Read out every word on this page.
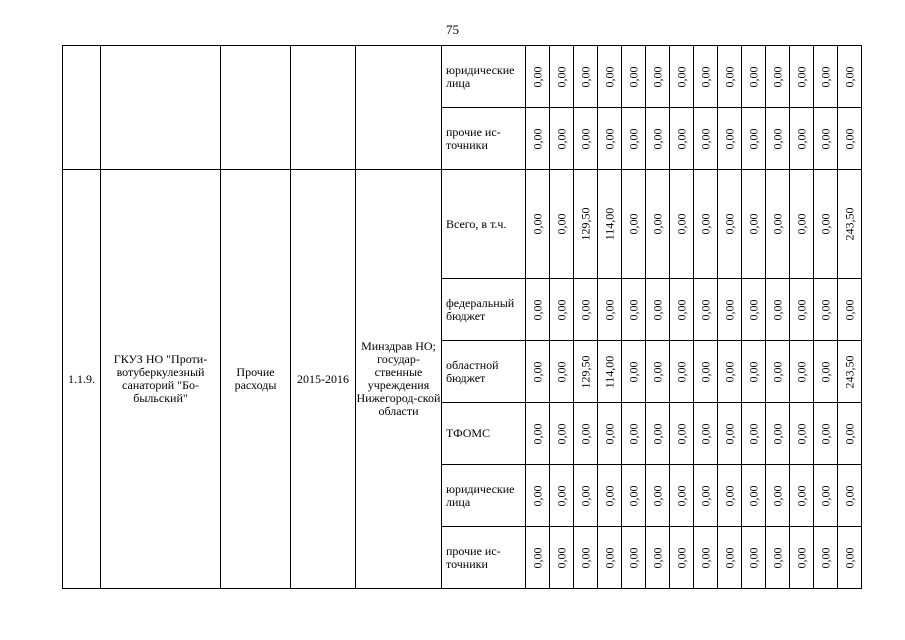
75
					юридические лица	0,00	0,00	0,00	0,00	0,00	0,00	0,00	0,00	0,00	0,00	0,00	0,00	0,00	0,00

					прочие ис-точники	0,00	0,00	0,00	0,00	0,00	0,00	0,00	0,00	0,00	0,00	0,00	0,00	0,00	0,00

1.1.9.	ГКУЗ НО "Проти-вотуберкулезный санаторий "Бо-быльский"	Прочие расходы	2015-2016	Минздрав НО; государ-ственные учреждения Нижегород-ской области	Всего, в т.ч.	0,00	0,00	129,50	114,00	0,00	0,00	0,00	0,00	0,00	0,00	0,00	0,00	0,00	243,50

					федеральный бюджет	0,00	0,00	0,00	0,00	0,00	0,00	0,00	0,00	0,00	0,00	0,00	0,00	0,00	0,00

					областной бюджет	0,00	0,00	129,50	114,00	0,00	0,00	0,00	0,00	0,00	0,00	0,00	0,00	0,00	243,50

					ТФОМС	0,00	0,00	0,00	0,00	0,00	0,00	0,00	0,00	0,00	0,00	0,00	0,00	0,00	0,00

					юридические лица	0,00	0,00	0,00	0,00	0,00	0,00	0,00	0,00	0,00	0,00	0,00	0,00	0,00	0,00

					прочие ис-точники	0,00	0,00	0,00	0,00	0,00	0,00	0,00	0,00	0,00	0,00	0,00	0,00	0,00	0,00
